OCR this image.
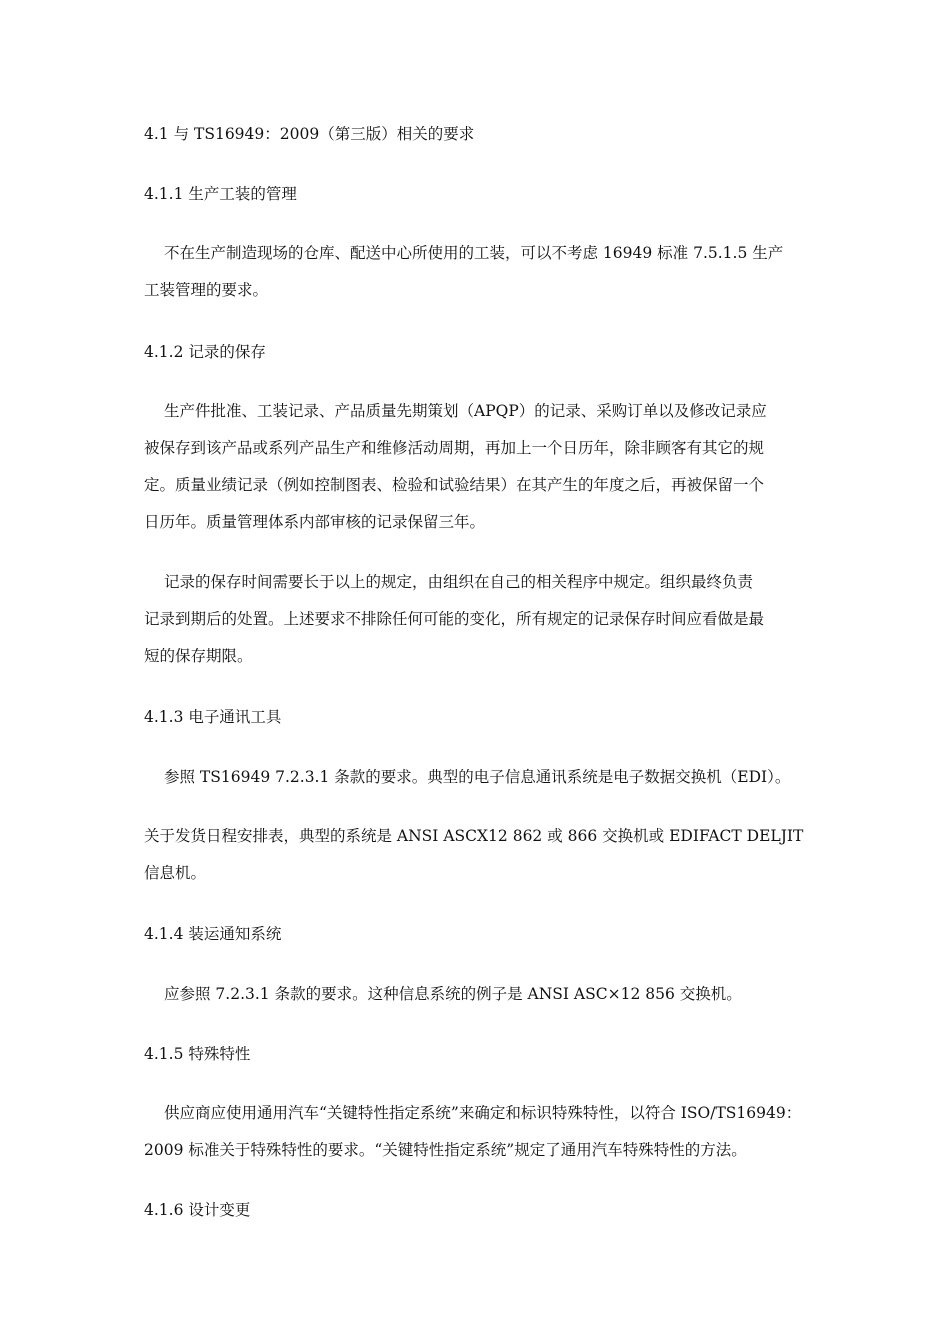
4.1 与 TS16949：2009（第三版）相关的要求
4.1.1 生产工装的管理
不在生产制造现场的仓库、配送中心所使用的工装，可以不考虑 16949 标准 7.5.1.5 生产
工装管理的要求。
4.1.2 记录的保存
生产件批准、工装记录、产品质量先期策划（APQP）的记录、采购订单以及修改记录应
被保存到该产品或系列产品生产和维修活动周期，再加上一个日历年，除非顾客有其它的规
定。质量业绩记录（例如控制图表、检验和试验结果）在其产生的年度之后，再被保留一个
日历年。质量管理体系内部审核的记录保留三年。
记录的保存时间需要长于以上的规定，由组织在自己的相关程序中规定。组织最终负责
记录到期后的处置。上述要求不排除任何可能的变化，所有规定的记录保存时间应看做是最
短的保存期限。
4.1.3 电子通讯工具
参照 TS16949 7.2.3.1 条款的要求。典型的电子信息通讯系统是电子数据交换机（EDI）。
关于发货日程安排表，典型的系统是 ANSI ASCX12 862 或 866 交换机或 EDIFACT DELJIT
信息机。
4.1.4 装运通知系统
应参照 7.2.3.1 条款的要求。这种信息系统的例子是 ANSI ASC×12 856 交换机。
4.1.5 特殊特性
供应商应使用通用汽车“关键特性指定系统”来确定和标识特殊特性，以符合 ISO/TS16949：
2009 标准关于特殊特性的要求。“关键特性指定系统”规定了通用汽车特殊特性的方法。
4.1.6 设计变更
